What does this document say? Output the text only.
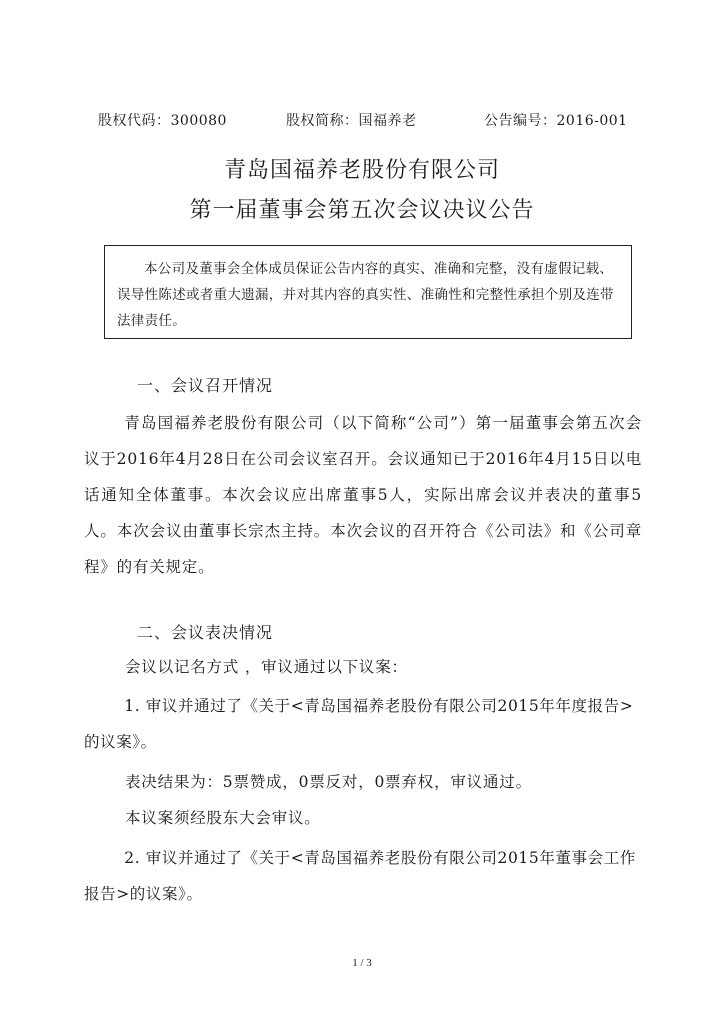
股权代码：300080	股权简称：国福养老	公告编号：2016-001
青岛国福养老股份有限公司
第一届董事会第五次会议决议公告
本公司及董事会全体成员保证公告内容的真实、准确和完整，没有虚假记载、误导性陈述或者重大遗漏，并对其内容的真实性、准确性和完整性承担个别及连带法律责任。
一、会议召开情况
青岛国福养老股份有限公司（以下简称“公司”）第一届董事会第五次会议于2016年4月28日在公司会议室召开。会议通知已于2016年4月15日以电话通知全体董事。本次会议应出席董事5人，实际出席会议并表决的董事5人。本次会议由董事长宗杰主持。本次会议的召开符合《公司法》和《公司章程》的有关规定。
二、会议表决情况
会议以记名方式 ，审议通过以下议案：
1. 审议并通过了《关于<青岛国福养老股份有限公司2015年年度报告>的议案》。
表决结果为：5票赞成，0票反对，0票弃权，审议通过。
本议案须经股东大会审议。
2. 审议并通过了《关于<青岛国福养老股份有限公司2015年董事会工作报告>的议案》。
1 / 3
